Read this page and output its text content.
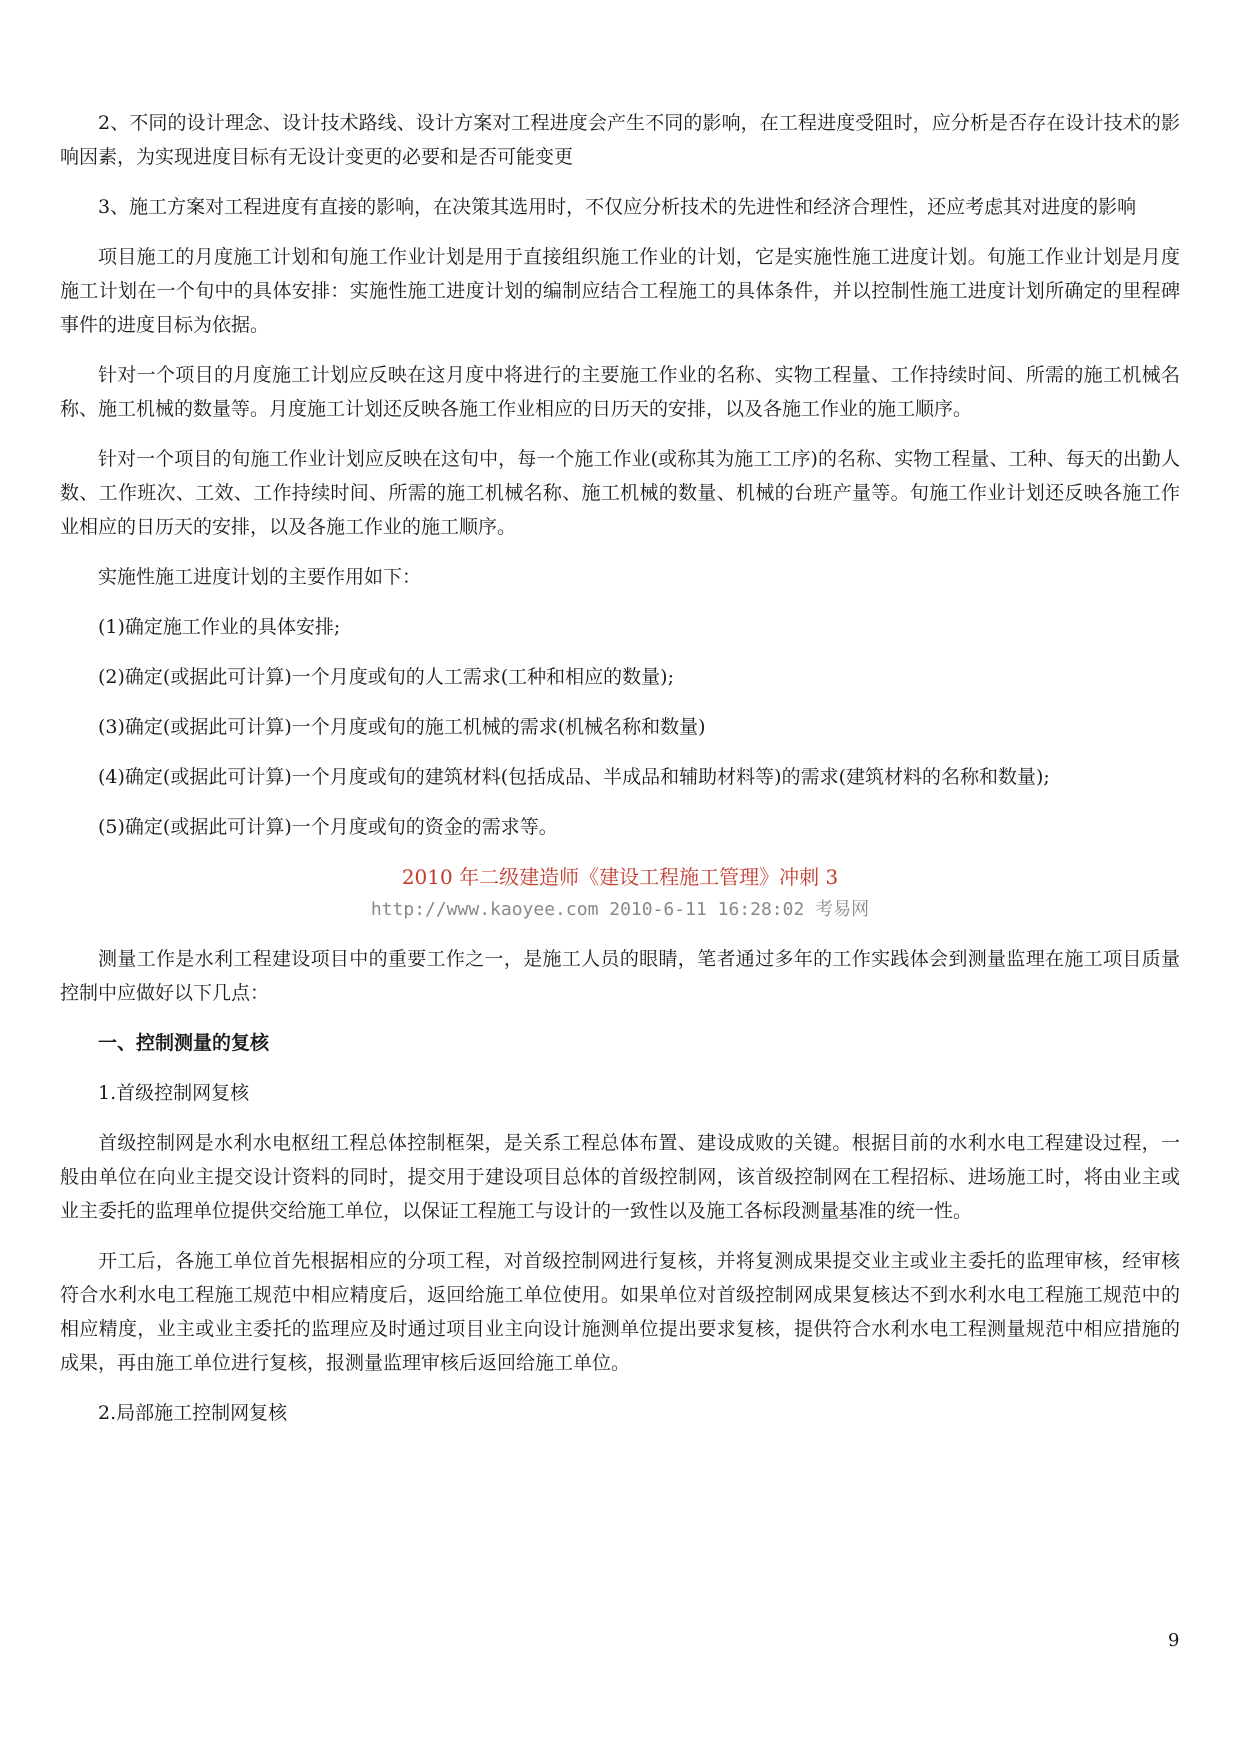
2、不同的设计理念、设计技术路线、设计方案对工程进度会产生不同的影响，在工程进度受阻时，应分析是否存在设计技术的影响因素，为实现进度目标有无设计变更的必要和是否可能变更

3、施工方案对工程进度有直接的影响，在决策其选用时，不仅应分析技术的先进性和经济合理性，还应考虑其对进度的影响

项目施工的月度施工计划和旬施工作业计划是用于直接组织施工作业的计划，它是实施性施工进度计划。旬施工作业计划是月度施工计划在一个旬中的具体安排：实施性施工进度计划的编制应结合工程施工的具体条件，并以控制性施工进度计划所确定的里程碑事件的进度目标为依据。

针对一个项目的月度施工计划应反映在这月度中将进行的主要施工作业的名称、实物工程量、工作持续时间、所需的施工机械名称、施工机械的数量等。月度施工计划还反映各施工作业相应的日历天的安排，以及各施工作业的施工顺序。

针对一个项目的旬施工作业计划应反映在这旬中，每一个施工作业(或称其为施工工序)的名称、实物工程量、工种、每天的出勤人数、工作班次、工效、工作持续时间、所需的施工机械名称、施工机械的数量、机械的台班产量等。旬施工作业计划还反映各施工作业相应的日历天的安排，以及各施工作业的施工顺序。

实施性施工进度计划的主要作用如下：

(1)确定施工作业的具体安排;

(2)确定(或据此可计算)一个月度或旬的人工需求(工种和相应的数量);

(3)确定(或据此可计算)一个月度或旬的施工机械的需求(机械名称和数量)

(4)确定(或据此可计算)一个月度或旬的建筑材料(包括成品、半成品和辅助材料等)的需求(建筑材料的名称和数量);

(5)确定(或据此可计算)一个月度或旬的资金的需求等。

2010 年二级建造师《建设工程施工管理》冲刺 3
http://www.kaoyee.com 2010-6-11 16:28:02 考易网

测量工作是水利工程建设项目中的重要工作之一，是施工人员的眼睛，笔者通过多年的工作实践体会到测量监理在施工项目质量控制中应做好以下几点：

一、控制测量的复核

1.首级控制网复核

首级控制网是水利水电枢纽工程总体控制框架，是关系工程总体布置、建设成败的关键。根据目前的水利水电工程建设过程，一般由单位在向业主提交设计资料的同时，提交用于建设项目总体的首级控制网，该首级控制网在工程招标、进场施工时，将由业主或业主委托的监理单位提供交给施工单位，以保证工程施工与设计的一致性以及施工各标段测量基准的统一性。

开工后，各施工单位首先根据相应的分项工程，对首级控制网进行复核，并将复测成果提交业主或业主委托的监理审核，经审核符合水利水电工程施工规范中相应精度后，返回给施工单位使用。如果单位对首级控制网成果复核达不到水利水电工程施工规范中的相应精度，业主或业主委托的监理应及时通过项目业主向设计施测单位提出要求复核，提供符合水利水电工程测量规范中相应措施的成果，再由施工单位进行复核，报测量监理审核后返回给施工单位。

2.局部施工控制网复核

9
